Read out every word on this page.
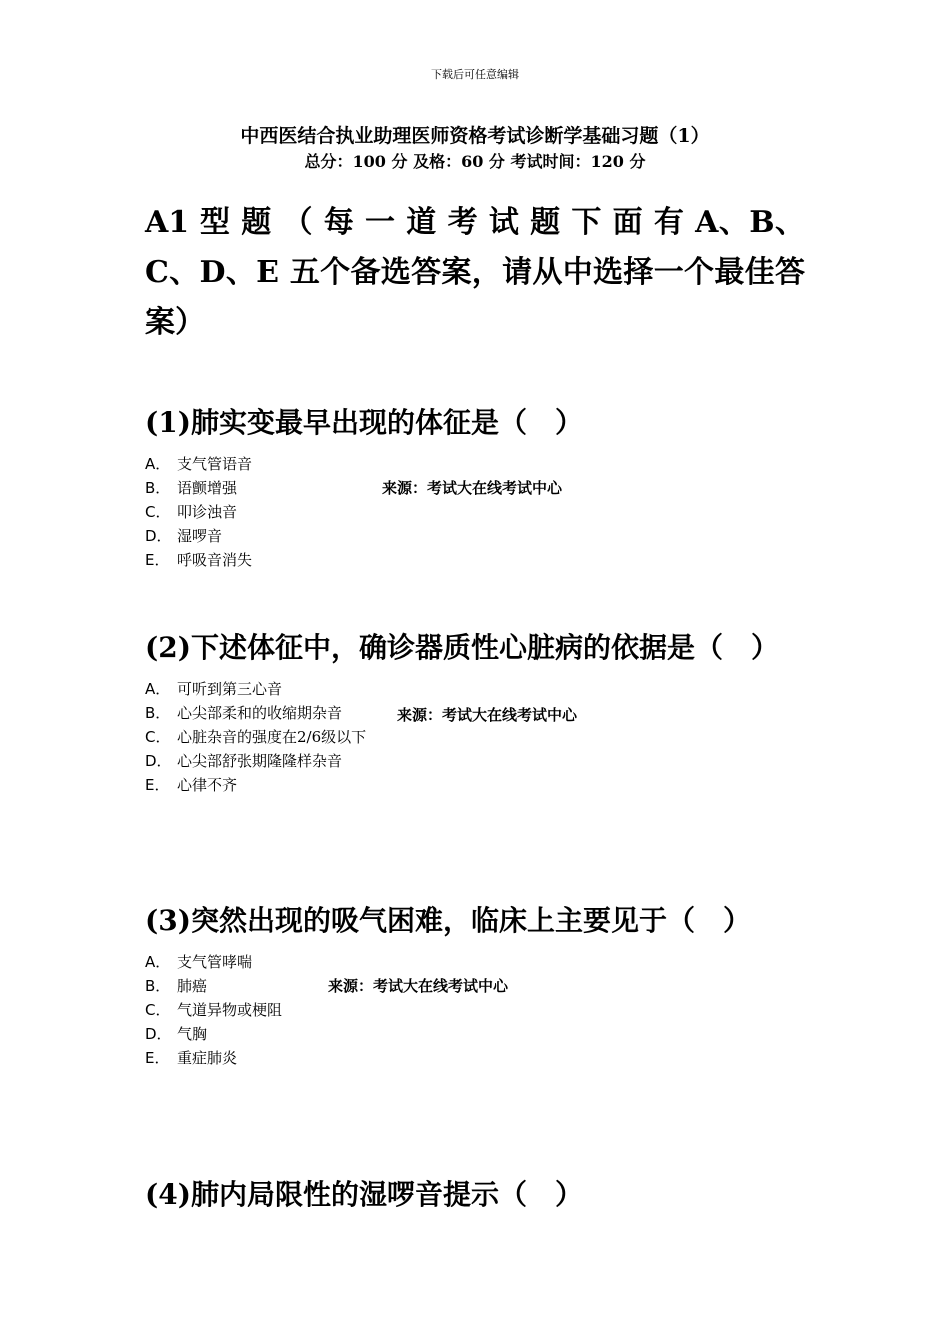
下载后可任意编辑
中西医结合执业助理医师资格考试诊断学基础习题（1）
总分：100 分 及格：60 分 考试时间：120 分
A1 型 题 （ 每 一 道 考 试 题 下 面 有 A、B、C、D、E 五个备选答案，请从中选择一个最佳答案）

(1)肺实变最早出现的体征是（　）

A． 支气管语音
B． 语颤增强
C． 叩诊浊音
D． 湿啰音
E． 呼吸音消失
来源：考试大在线考试中心

(2)下述体征中，确诊器质性心脏病的依据是（　）

A． 可听到第三心音
B． 心尖部柔和的收缩期杂音
C． 心脏杂音的强度在2/6级以下
D． 心尖部舒张期隆隆样杂音
E． 心律不齐
来源：考试大在线考试中心

(3)突然出现的吸气困难，临床上主要见于（　）

A． 支气管哮喘
B． 肺癌
C． 气道异物或梗阻
D． 气胸
E． 重症肺炎
来源：考试大在线考试中心

(4)肺内局限性的湿啰音提示（　）
